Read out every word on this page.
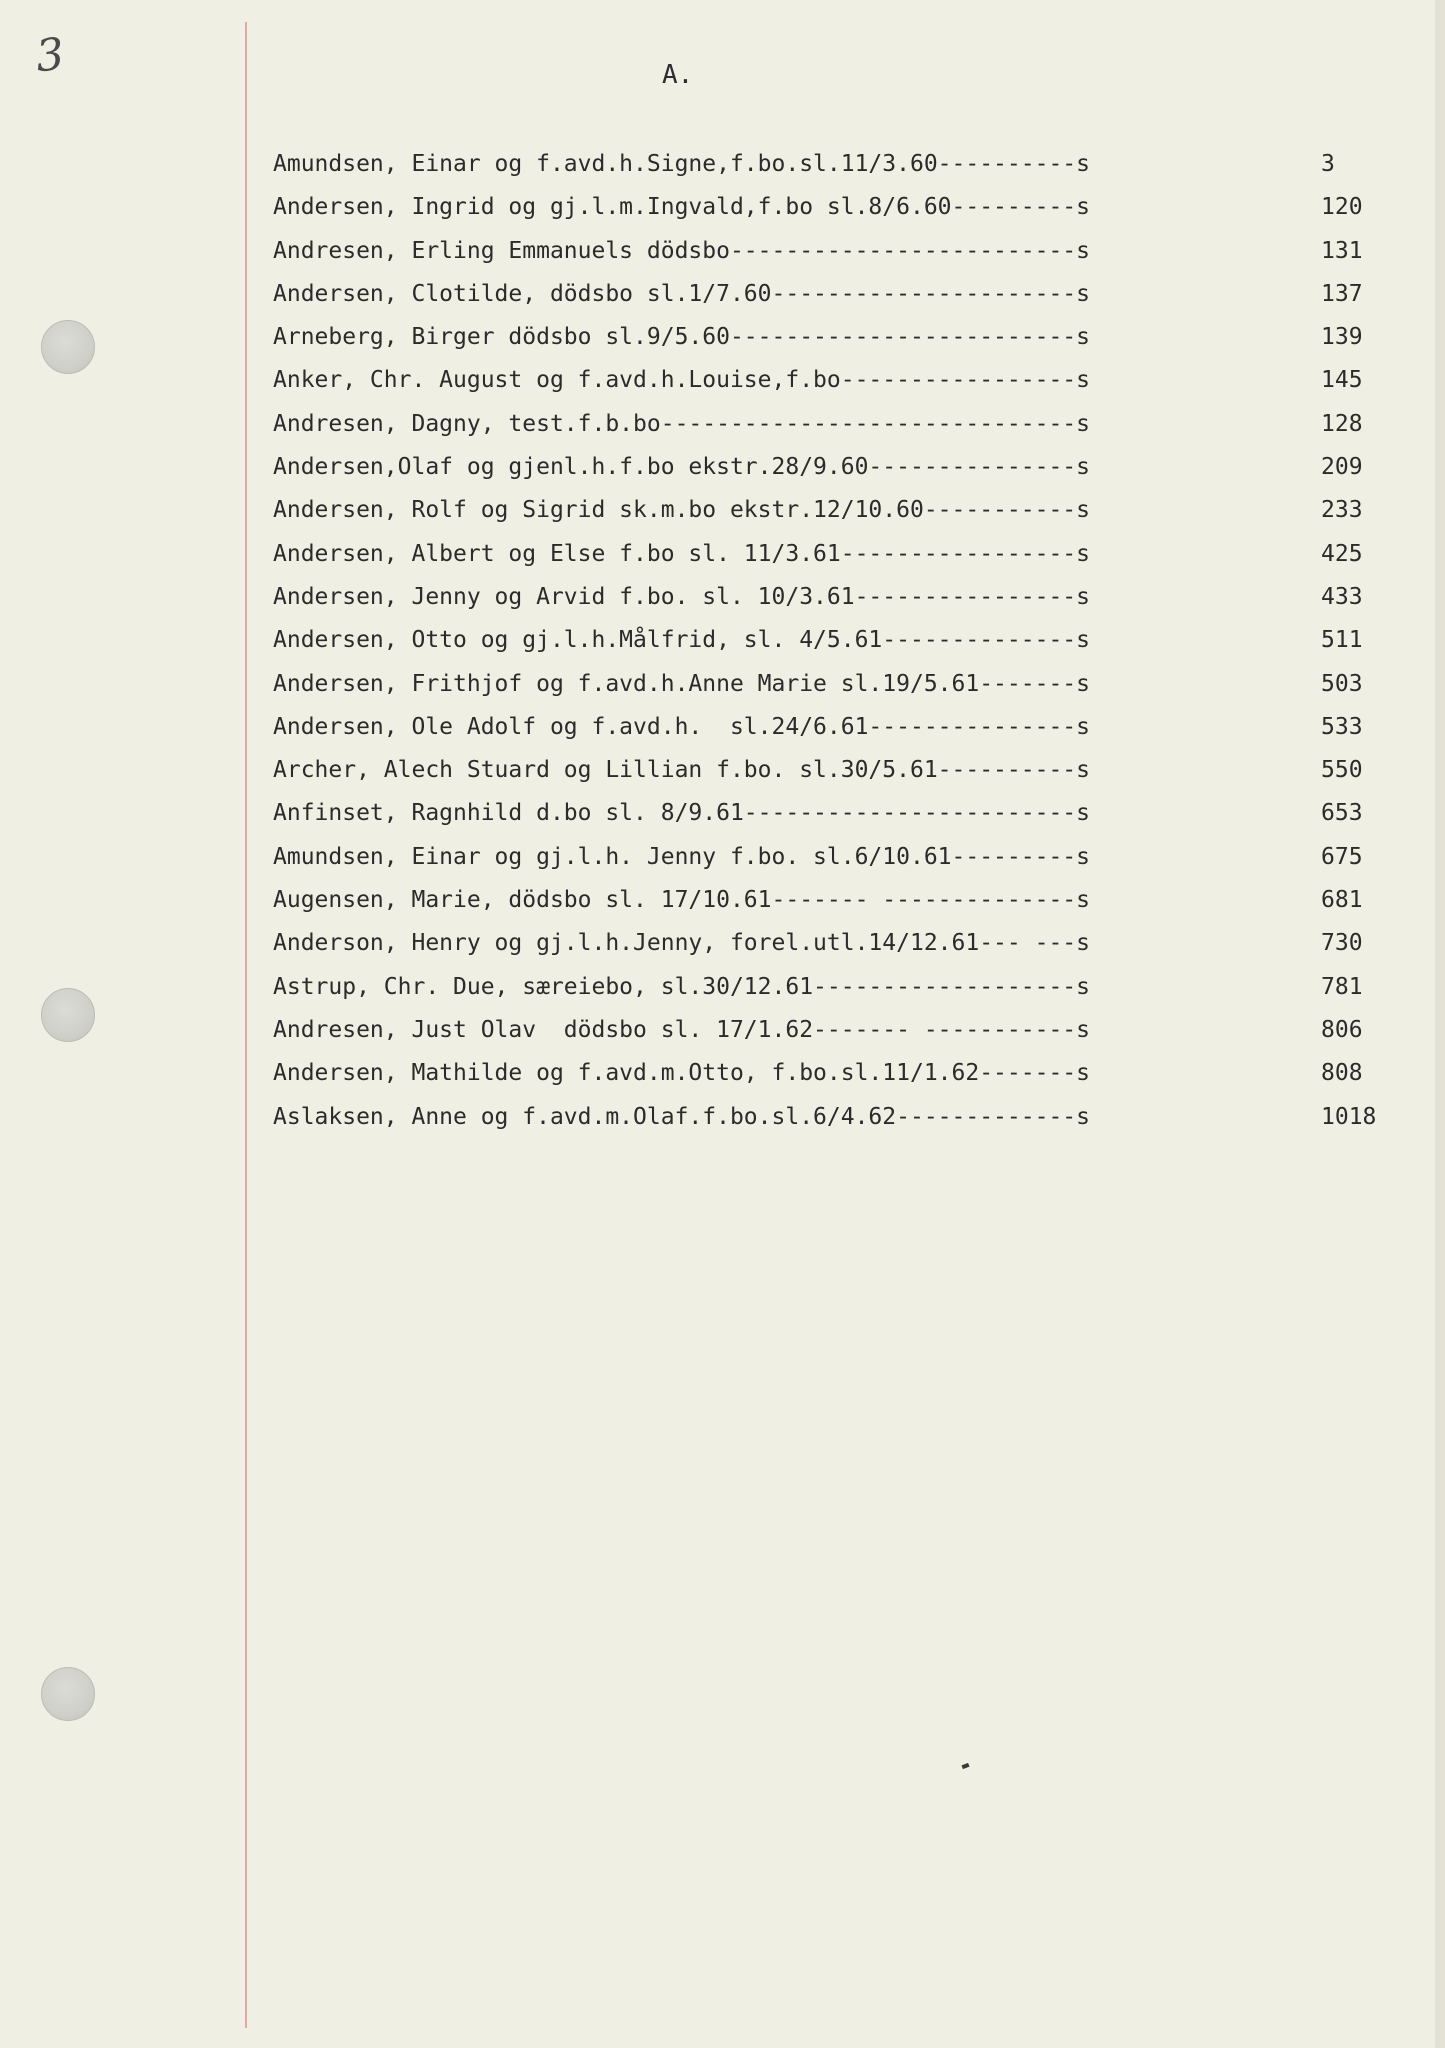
3	A.
Amundsen, Einar og f.avd.h.Signe,f.bo.sl.11/3.60----------s	3
Andersen, Ingrid og gj.l.m.Ingvald,f.bo sl.8/6.60---------s	120
Andresen, Erling Emmanuels dödsbo-------------------------s	131
Andersen, Clotilde, dödsbo sl.1/7.60----------------------s	137
Arneberg, Birger dödsbo sl.9/5.60-------------------------s	139
Anker, Chr. August og f.avd.h.Louise,f.bo-----------------s	145
Andresen, Dagny, test.f.b.bo------------------------------s	128
Andersen,Olaf og gjenl.h.f.bo ekstr.28/9.60---------------s	209
Andersen, Rolf og Sigrid sk.m.bo ekstr.12/10.60-----------s	233
Andersen, Albert og Else f.bo sl. 11/3.61-----------------s	425
Andersen, Jenny og Arvid f.bo. sl. 10/3.61----------------s	433
Andersen, Otto og gj.l.h.Målfrid, sl. 4/5.61--------------s	511
Andersen, Frithjof og f.avd.h.Anne Marie sl.19/5.61-------s	503
Andersen, Ole Adolf og f.avd.h.  sl.24/6.61---------------s	533
Archer, Alech Stuard og Lillian f.bo. sl.30/5.61----------s	550
Anfinset, Ragnhild d.bo sl. 8/9.61------------------------s	653
Amundsen, Einar og gj.l.h. Jenny f.bo. sl.6/10.61---------s	675
Augensen, Marie, dödsbo sl. 17/10.61------- --------------s	681
Anderson, Henry og gj.l.h.Jenny, forel.utl.14/12.61--- ---s	730
Astrup, Chr. Due, særeiebo, sl.30/12.61-------------------s	781
Andresen, Just Olav  dödsbo sl. 17/1.62------- -----------s	806
Andersen, Mathilde og f.avd.m.Otto, f.bo.sl.11/1.62-------s	808
Aslaksen, Anne og f.avd.m.Olaf.f.bo.sl.6/4.62-------------s	1018
